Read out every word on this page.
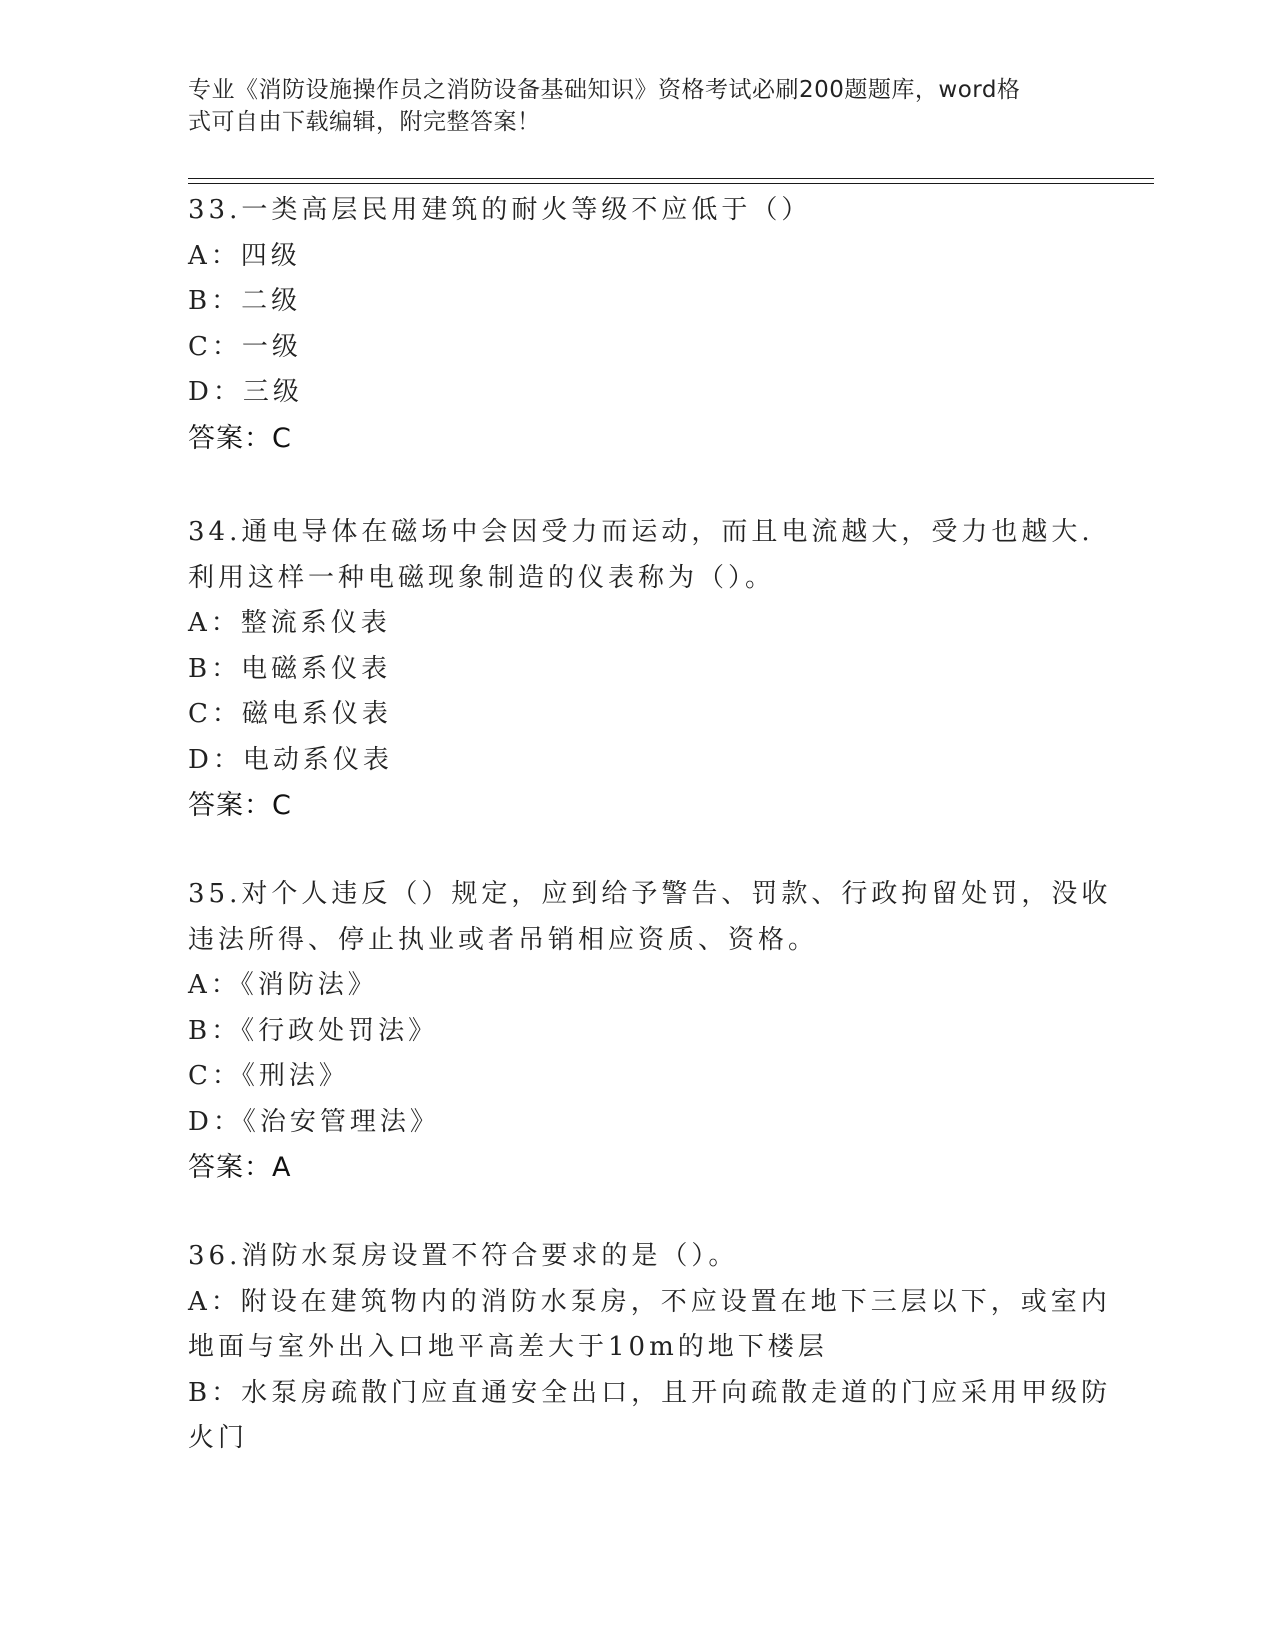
专业《消防设施操作员之消防设备基础知识》资格考试必刷200题题库，word格
式可自由下载编辑，附完整答案！
33.一类高层民用建筑的耐火等级不应低于（）
A：四级
B：二级
C：一级
D：三级
答案：C
34.通电导体在磁场中会因受力而运动，而且电流越大，受力也越大.
利用这样一种电磁现象制造的仪表称为（）。
A：整流系仪表
B：电磁系仪表
C：磁电系仪表
D：电动系仪表
答案：C
35.对个人违反（）规定，应到给予警告、罚款、行政拘留处罚，没收
违法所得、停止执业或者吊销相应资质、资格。
A：《消防法》
B：《行政处罚法》
C：《刑法》
D：《治安管理法》
答案：A
36.消防水泵房设置不符合要求的是（）。
A：附设在建筑物内的消防水泵房，不应设置在地下三层以下，或室内
地面与室外出入口地平高差大于10m的地下楼层
B：水泵房疏散门应直通安全出口，且开向疏散走道的门应采用甲级防
火门
